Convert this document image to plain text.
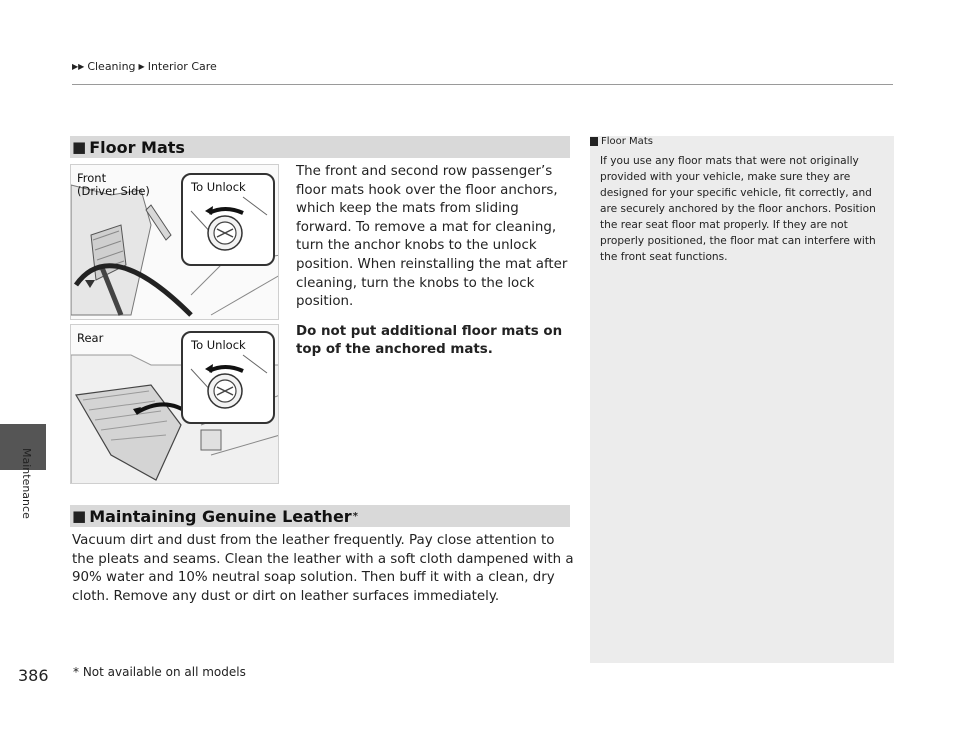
▶▶ Cleaning ▶ Interior Care
Maintenance
■ Floor Mats
Front
(Driver Side)	To Unlock
Rear	To Unlock
The front and second row passenger’s floor mats hook over the floor anchors, which keep the mats from sliding forward. To remove a mat for cleaning, turn the anchor knobs to the unlock position. When reinstalling the mat after cleaning, turn the knobs to the lock position.
Do not put additional floor mats on top of the anchored mats.
■ Maintaining Genuine Leather *
Vacuum dirt and dust from the leather frequently. Pay close attention to the pleats and seams. Clean the leather with a soft cloth dampened with a 90% water and 10% neutral soap solution. Then buff it with a clean, dry cloth. Remove any dust or dirt on leather surfaces immediately.
Floor Mats
If you use any floor mats that were not originally provided with your vehicle, make sure they are designed for your specific vehicle, fit correctly, and are securely anchored by the floor anchors. Position the rear seat floor mat properly. If they are not properly positioned, the floor mat can interfere with the front seat functions.
386 * Not available on all models
